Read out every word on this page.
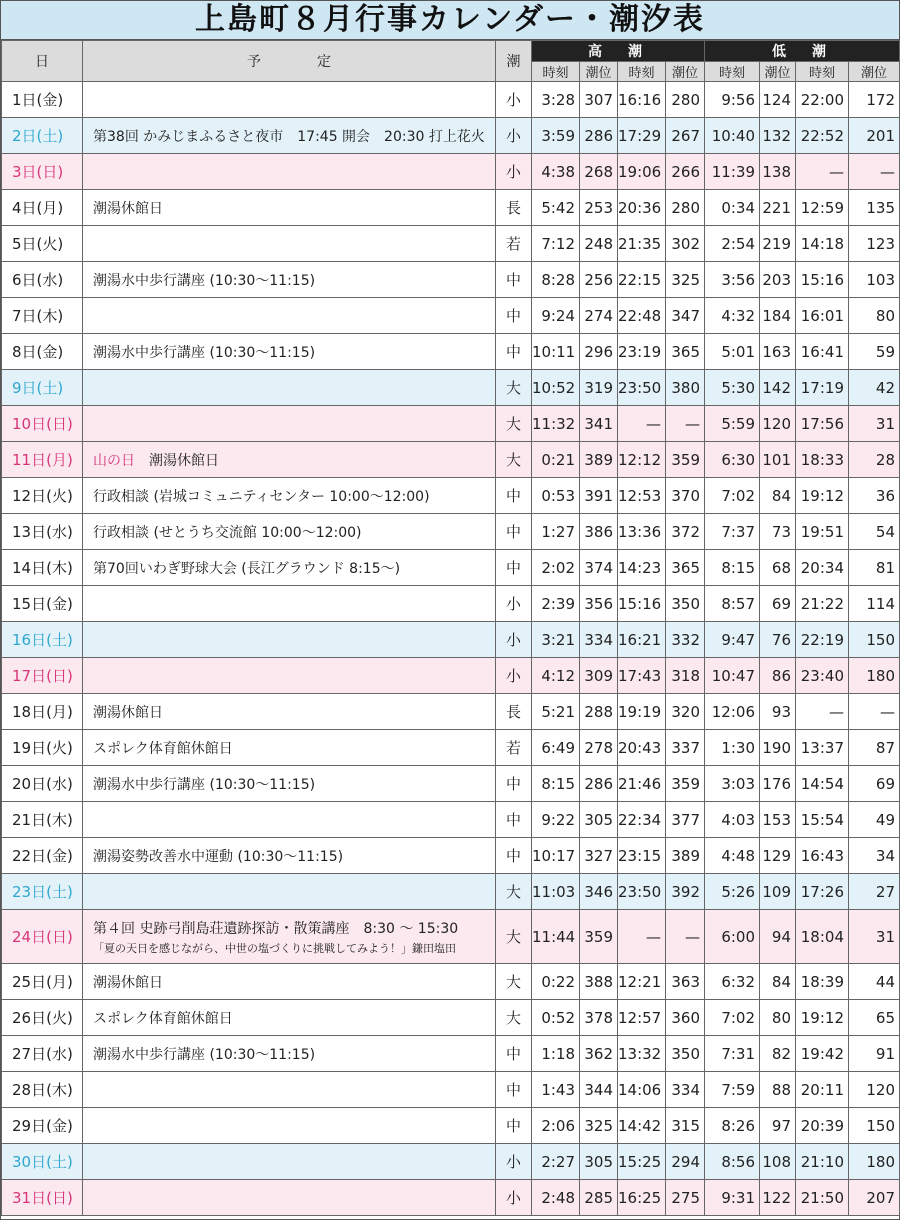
上島町８月行事カレンダー・潮汐表
日	予　　　　定	潮	高　潮				低　潮			
			時刻	潮位	時刻	潮位	時刻	潮位	時刻	潮位
1日(金)		小	3:28	307	16:16	280	9:56	124	22:00	172
2日(土)	第38回 かみじまふるさと夜市　17:45 開会　20:30 打上花火	小	3:59	286	17:29	267	10:40	132	22:52	201
3日(日)		小	4:38	268	19:06	266	11:39	138	—	—
4日(月)	潮湯休館日	長	5:42	253	20:36	280	0:34	221	12:59	135
5日(火)		若	7:12	248	21:35	302	2:54	219	14:18	123
6日(水)	潮湯水中歩行講座 (10:30〜11:15)	中	8:28	256	22:15	325	3:56	203	15:16	103
7日(木)		中	9:24	274	22:48	347	4:32	184	16:01	80
8日(金)	潮湯水中歩行講座 (10:30〜11:15)	中	10:11	296	23:19	365	5:01	163	16:41	59
9日(土)		大	10:52	319	23:50	380	5:30	142	17:19	42
10日(日)		大	11:32	341	—	—	5:59	120	17:56	31
11日(月)	山の日　 潮湯休館日	大	0:21	389	12:12	359	6:30	101	18:33	28
12日(火)	行政相談 (岩城コミュニティセンター 10:00〜12:00)	中	0:53	391	12:53	370	7:02	84	19:12	36
13日(水)	行政相談 (せとうち交流館 10:00〜12:00)	中	1:27	386	13:36	372	7:37	73	19:51	54
14日(木)	第70回いわぎ野球大会 (長江グラウンド 8:15〜)	中	2:02	374	14:23	365	8:15	68	20:34	81
15日(金)		小	2:39	356	15:16	350	8:57	69	21:22	114
16日(土)		小	3:21	334	16:21	332	9:47	76	22:19	150
17日(日)		小	4:12	309	17:43	318	10:47	86	23:40	180
18日(月)	潮湯休館日	長	5:21	288	19:19	320	12:06	93	—	—
19日(火)	スポレク体育館休館日	若	6:49	278	20:43	337	1:30	190	13:37	87
20日(水)	潮湯水中歩行講座 (10:30〜11:15)	中	8:15	286	21:46	359	3:03	176	14:54	69
21日(木)		中	9:22	305	22:34	377	4:03	153	15:54	49
22日(金)	潮湯姿勢改善水中運動 (10:30〜11:15)	中	10:17	327	23:15	389	4:48	129	16:43	34
23日(土)		大	11:03	346	23:50	392	5:26	109	17:26	27
24日(日)	第４回 史跡弓削島荘遺跡探訪・散策講座　8:30 〜 15:30
「夏の天日を感じながら、中世の塩づくりに挑戦してみよう！」鎌田塩田	大	11:44	359	—	—	6:00	94	18:04	31
25日(月)	潮湯休館日	大	0:22	388	12:21	363	6:32	84	18:39	44
26日(火)	スポレク体育館休館日	大	0:52	378	12:57	360	7:02	80	19:12	65
27日(水)	潮湯水中歩行講座 (10:30〜11:15)	中	1:18	362	13:32	350	7:31	82	19:42	91
28日(木)		中	1:43	344	14:06	334	7:59	88	20:11	120
29日(金)		中	2:06	325	14:42	315	8:26	97	20:39	150
30日(土)		小	2:27	305	15:25	294	8:56	108	21:10	180
31日(日)		小	2:48	285	16:25	275	9:31	122	21:50	207
